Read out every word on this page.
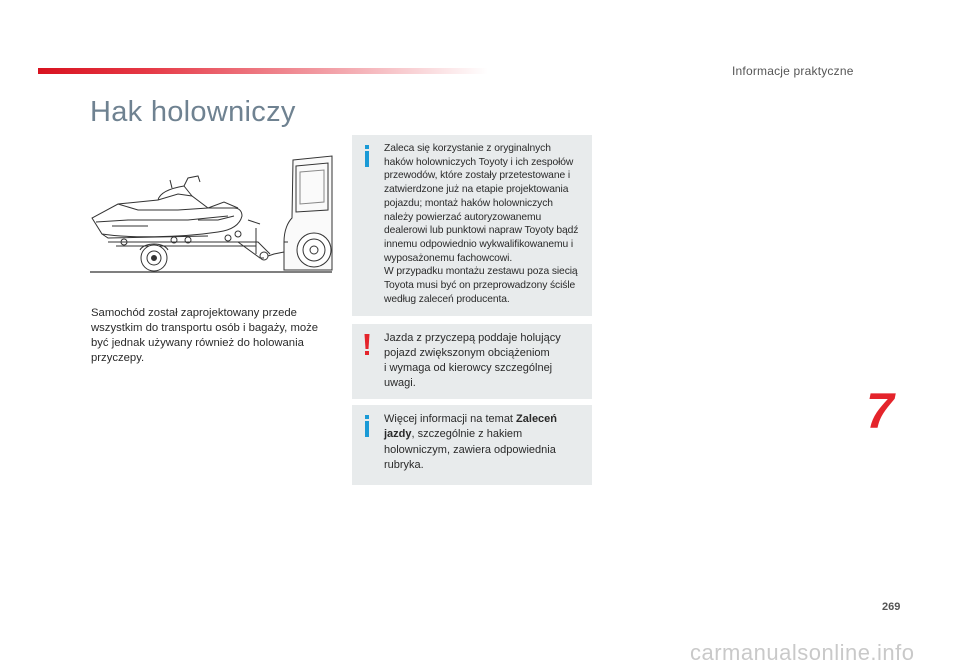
Informacje praktyczne
Hak holowniczy

Samochód został zaprojektowany przede wszystkim do transportu osób i bagaży, może być jednak używany również do holowania przyczepy.

Zaleca się korzystanie z oryginalnych

haków holowniczych Toyoty i ich zespołów

przewodów, które zostały przetestowane i

zatwierdzone już na etapie projektowania

pojazdu; montaż haków holowniczych

należy powierzać autoryzowanemu

dealerowi lub punktowi napraw Toyoty bądź

innemu odpowiednio wykwalifikowanemu i

wyposażonemu fachowcowi.

W przypadku montażu zestawu poza siecią

Toyota musi być on przeprowadzony ściśle

według zaleceń producenta.

Jazda z przyczepą poddaje holujący

pojazd zwiększonym obciążeniom

i wymaga od kierowcy szczególnej

uwagi.

Więcej informacji na temat Zaleceń jazdy, szczególnie z hakiem holowniczym, zawiera odpowiednia rubryka.

7
269
carmanualsonline.info
